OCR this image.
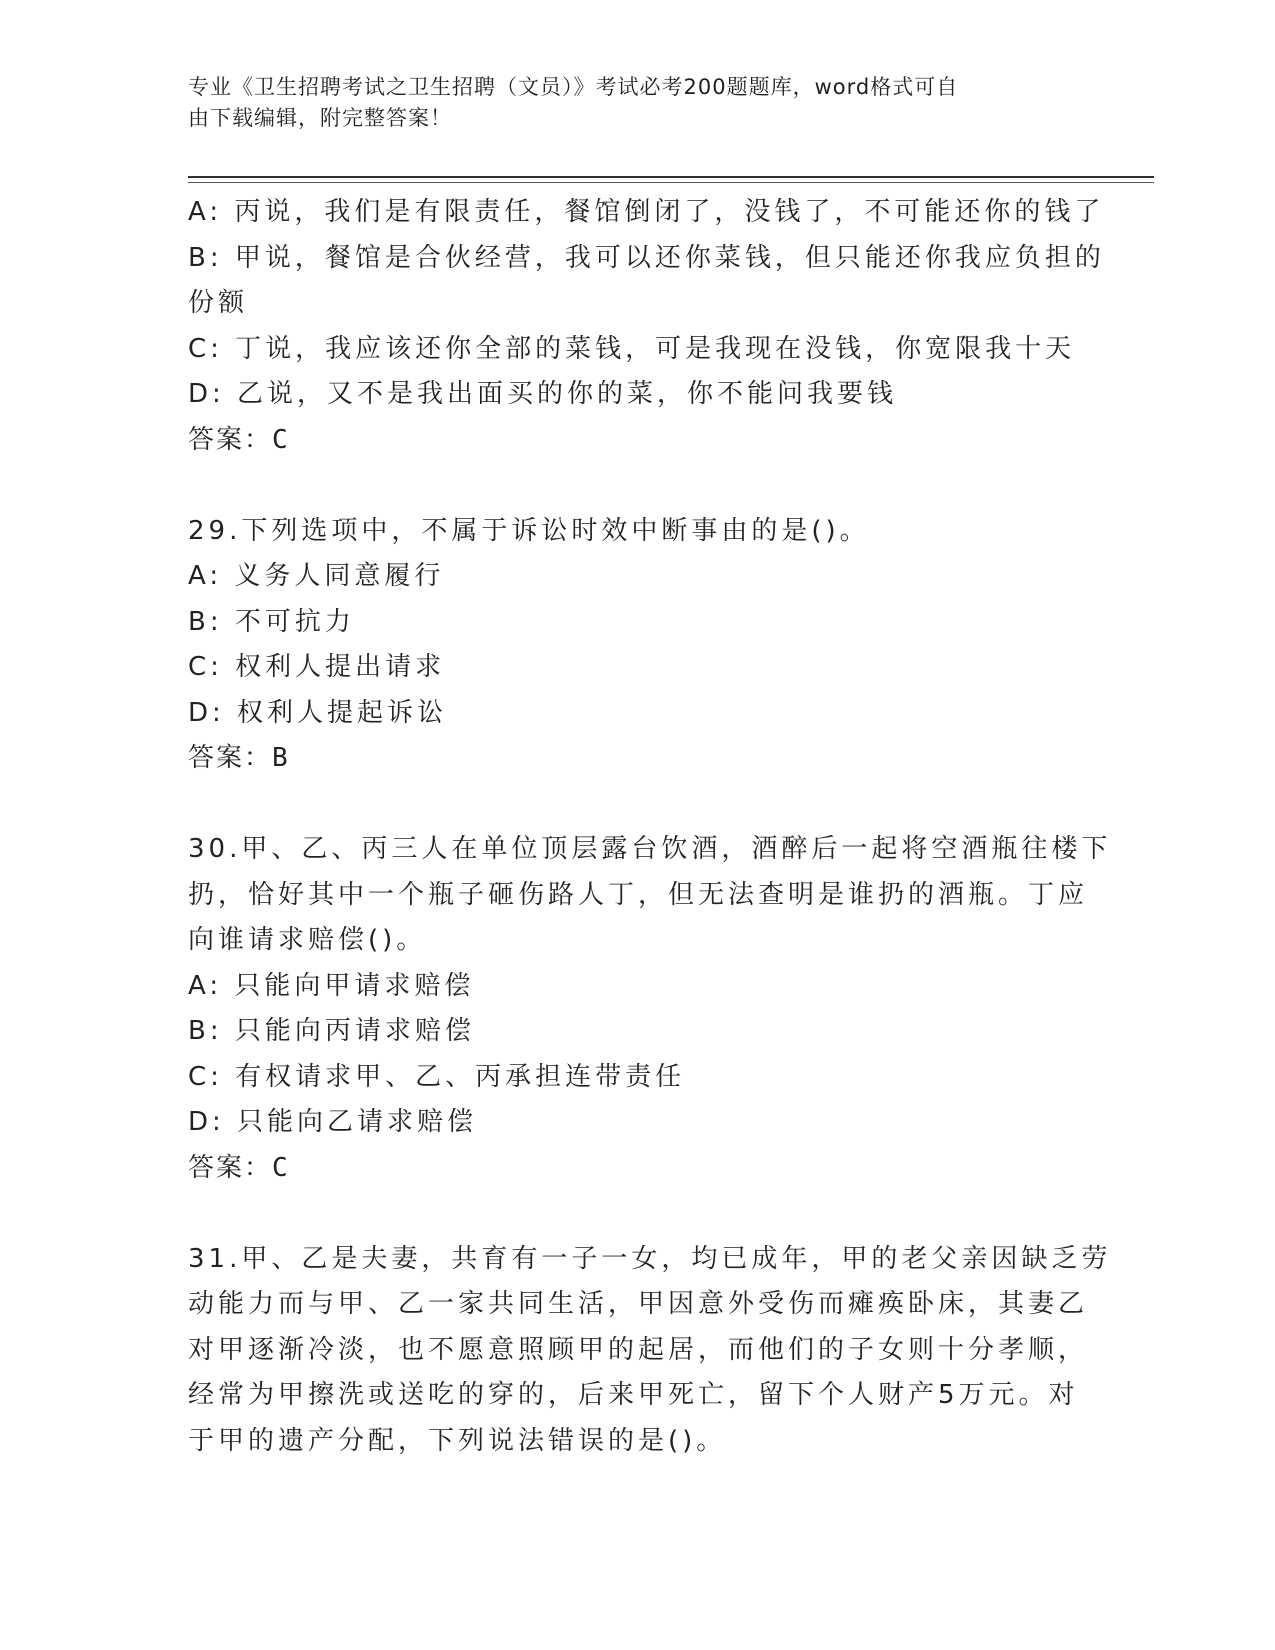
专业《卫生招聘考试之卫生招聘（文员）》考试必考200题题库，word格式可自
由下载编辑，附完整答案！
A: 丙说，我们是有限责任，餐馆倒闭了，没钱了，不可能还你的钱了
B: 甲说，餐馆是合伙经营，我可以还你菜钱，但只能还你我应负担的
份额
C: 丁说，我应该还你全部的菜钱，可是我现在没钱，你宽限我十天
D: 乙说，又不是我出面买的你的菜，你不能问我要钱
答案：C
29.下列选项中，不属于诉讼时效中断事由的是()。
A: 义务人同意履行
B: 不可抗力
C: 权利人提出请求
D: 权利人提起诉讼
答案：B
30.甲、乙、丙三人在单位顶层露台饮酒，酒醉后一起将空酒瓶往楼下
扔，恰好其中一个瓶子砸伤路人丁，但无法查明是谁扔的酒瓶。丁应
向谁请求赔偿()。
A: 只能向甲请求赔偿
B: 只能向丙请求赔偿
C: 有权请求甲、乙、丙承担连带责任
D: 只能向乙请求赔偿
答案：C
31.甲、乙是夫妻，共育有一子一女，均已成年，甲的老父亲因缺乏劳
动能力而与甲、乙一家共同生活，甲因意外受伤而瘫痪卧床，其妻乙
对甲逐渐冷淡，也不愿意照顾甲的起居，而他们的子女则十分孝顺，
经常为甲擦洗或送吃的穿的，后来甲死亡，留下个人财产5万元。对
于甲的遗产分配，下列说法错误的是()。
